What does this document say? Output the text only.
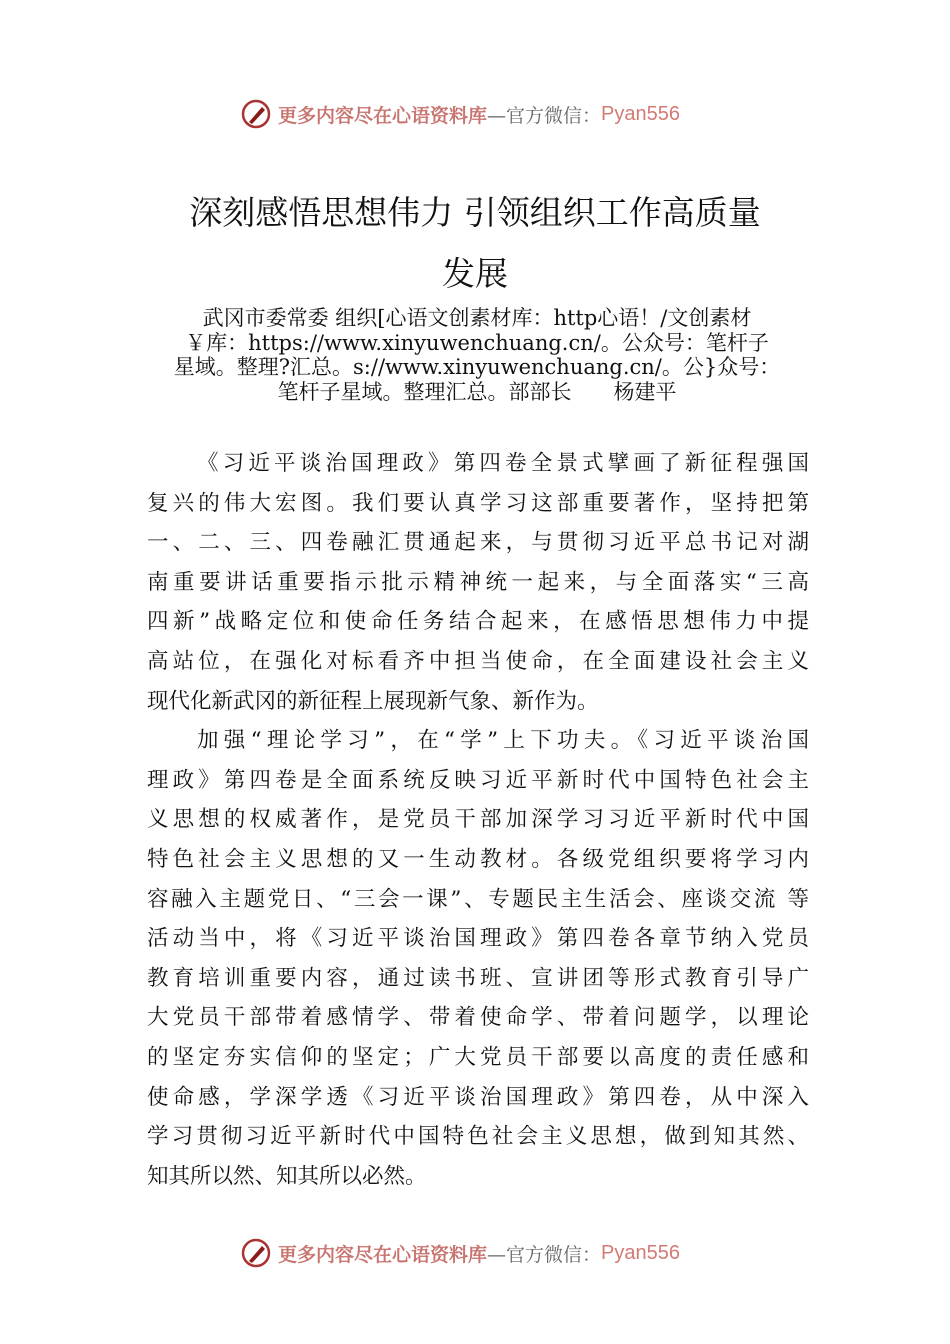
更多内容尽在心语资料库 —官方微信： Pyan556
深刻感悟思想伟力 引领组织工作高质量
发展
武冈市委常委 组织[心语文创素材库：http心语！/文创素材
￥库：https://www.xinyuwenchuang.cn/。公众号：笔杆子
星域。整理?汇总。s://www.xinyuwenchuang.cn/。公}众号：
笔杆子星域。整理汇总。部部长　　杨建平
《习近平谈治国理政》第四卷全景式擘画了新征程强国
复兴的伟大宏图。我们要认真学习这部重要著作，坚持把第
一、二、三、四卷融汇贯通起来，与贯彻习近平总书记对湖
南重要讲话重要指示批示精神统一起来，与全面落实“三高
四新”战略定位和使命任务结合起来，在感悟思想伟力中提
高站位，在强化对标看齐中担当使命，在全面建设社会主义
现代化新武冈的新征程上展现新气象、新作为。
加强“理论学习”，在“学”上下功夫。《习近平谈治国
理政》第四卷是全面系统反映习近平新时代中国特色社会主
义思想的权威著作，是党员干部加深学习习近平新时代中国
特色社会主义思想的又一生动教材。各级党组织要将学习内
容融入主题党日、“三会一课”、专题民主生活会、座谈交流 等
活动当中，将《习近平谈治国理政》第四卷各章节纳入党员
教育培训重要内容，通过读书班、宣讲团等形式教育引导广
大党员干部带着感情学、带着使命学、带着问题学，以理论
的坚定夯实信仰的坚定；广大党员干部要以高度的责任感和
使命感，学深学透《习近平谈治国理政》第四卷，从中深入
学习贯彻习近平新时代中国特色社会主义思想，做到知其然、
知其所以然、知其所以必然。
更多内容尽在心语资料库 —官方微信： Pyan556
